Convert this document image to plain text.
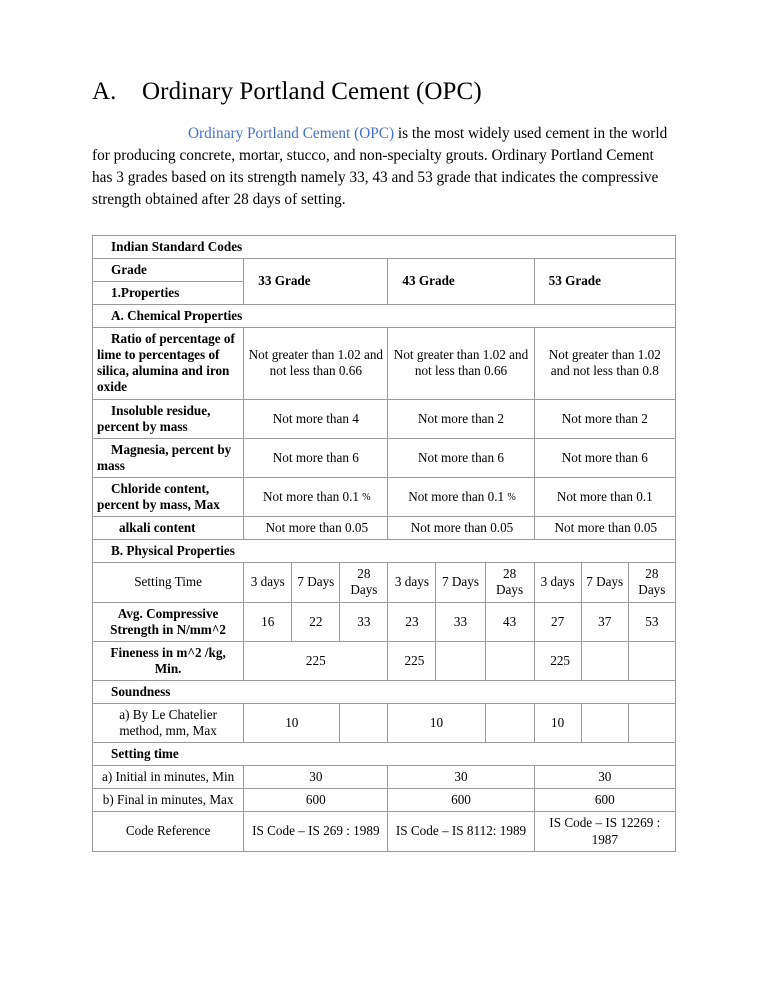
A. Ordinary Portland Cement (OPC)

Ordinary Portland Cement (OPC) is the most widely used cement in the world for producing concrete, mortar, stucco, and non-specialty grouts. Ordinary Portland Cement has 3 grades based on its strength namely 33, 43 and 53 grade that indicates the compressive strength obtained after 28 days of setting.

Indian Standard Codes									
Grade	33 Grade			43 Grade			53 Grade		
1.Properties									
A. Chemical Properties									
Ratio of percentage of lime to percentages of silica, alumina and iron oxide	Not greater than 1.02 and not less than 0.66			Not greater than 1.02 and not less than 0.66			Not greater than 1.02 and not less than 0.8		
Insoluble residue, percent by mass	Not more than 4			Not more than 2			Not more than 2		
Magnesia, percent by mass	Not more than 6			Not more than 6			Not more than 6		
Chloride content, percent by mass, Max	Not more than 0.1 %			Not more than 0.1 %			Not more than 0.1		
alkali content	Not more than 0.05			Not more than 0.05			Not more than 0.05		
B. Physical Properties									
Setting Time	3 days	7 Days	28 Days	3 days	7 Days	28 Days	3 days	7 Days	28 Days
Avg. Compressive Strength in N/mm^2	16	22	33	23	33	43	27	37	53
Fineness in m^2 /kg, Min.	225			225			225		
Soundness									
a) By Le Chatelier method, mm, Max	10			10			10		
Setting time									
a) Initial in minutes, Min	30			30			30		
b) Final in minutes, Max	600			600			600		
Code Reference	IS Code – IS 269 : 1989			IS Code – IS 8112: 1989			IS Code – IS 12269 : 1987		
